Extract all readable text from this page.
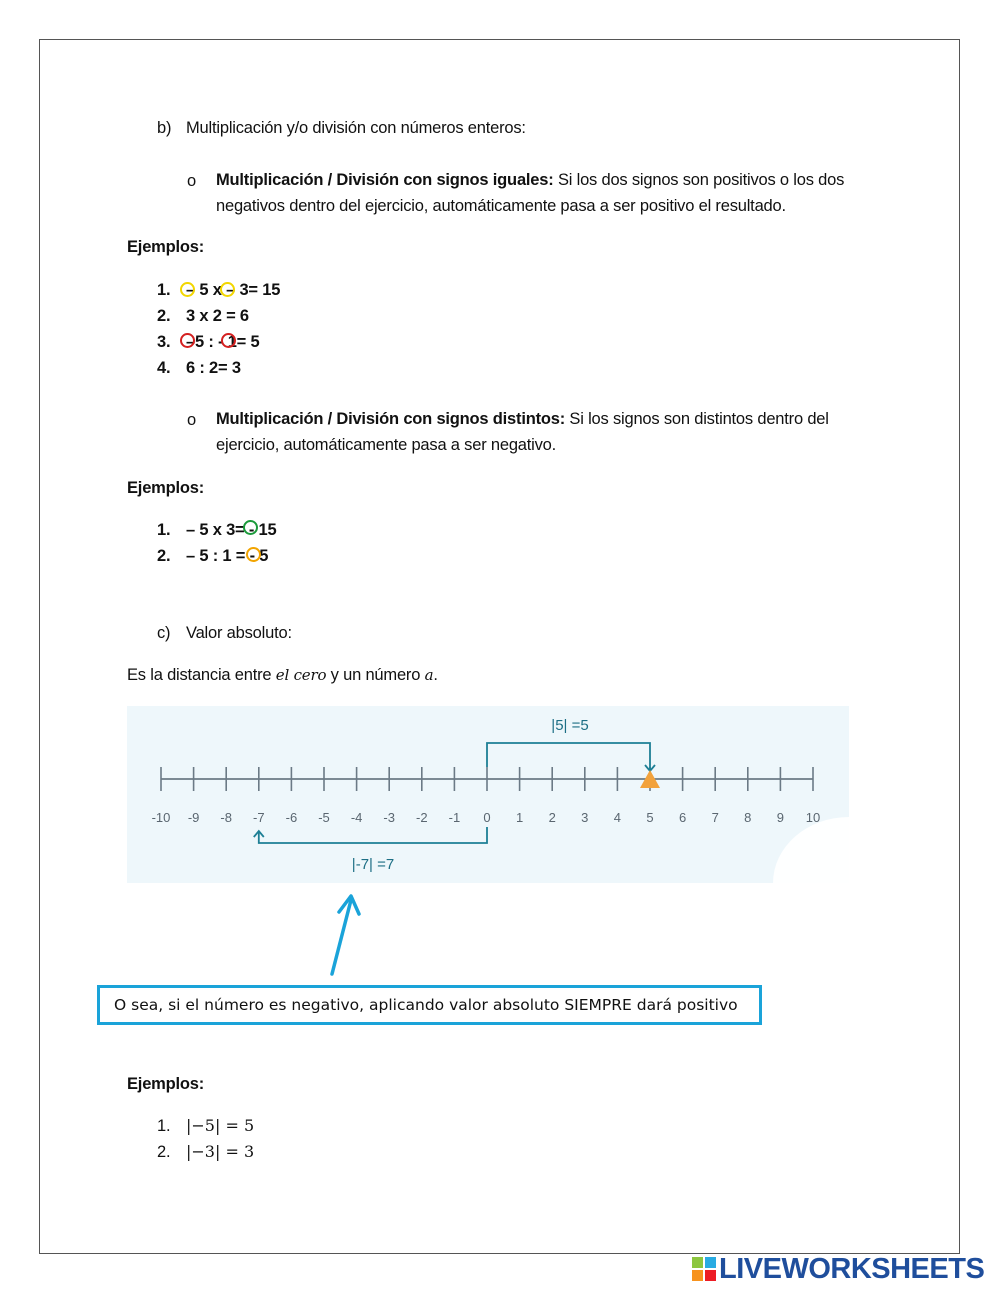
b) Multiplicación y/o división con números enteros:
o Multiplicación / División con signos iguales: Si los dos signos son positivos o los dos
negativos dentro del ejercicio, automáticamente pasa a ser positivo el resultado.
Ejemplos:
1. – 5 x – 3= 15
2. 3 x 2 = 6
3. –5 : - 1= 5
4. 6 : 2= 3
o Multiplicación / División con signos distintos: Si los signos son distintos dentro del
ejercicio, automáticamente pasa a ser negativo.
Ejemplos:
1. – 5 x 3= - 15
2. – 5 : 1 = - 5
c) Valor absoluto:
Es la distancia entre el cero y un número a.
-10 -9 -8 -7 -6 -5 -4 -3 -2 -1 0 1 2 3 4 5 6 7 8 9 10
|5| =5
|-7| =7
O sea, si el número es negativo, aplicando valor absoluto SIEMPRE dará positivo
Ejemplos:
1. |−5| = 5
2. |−3| = 3
LIVEWORKSHEETS
